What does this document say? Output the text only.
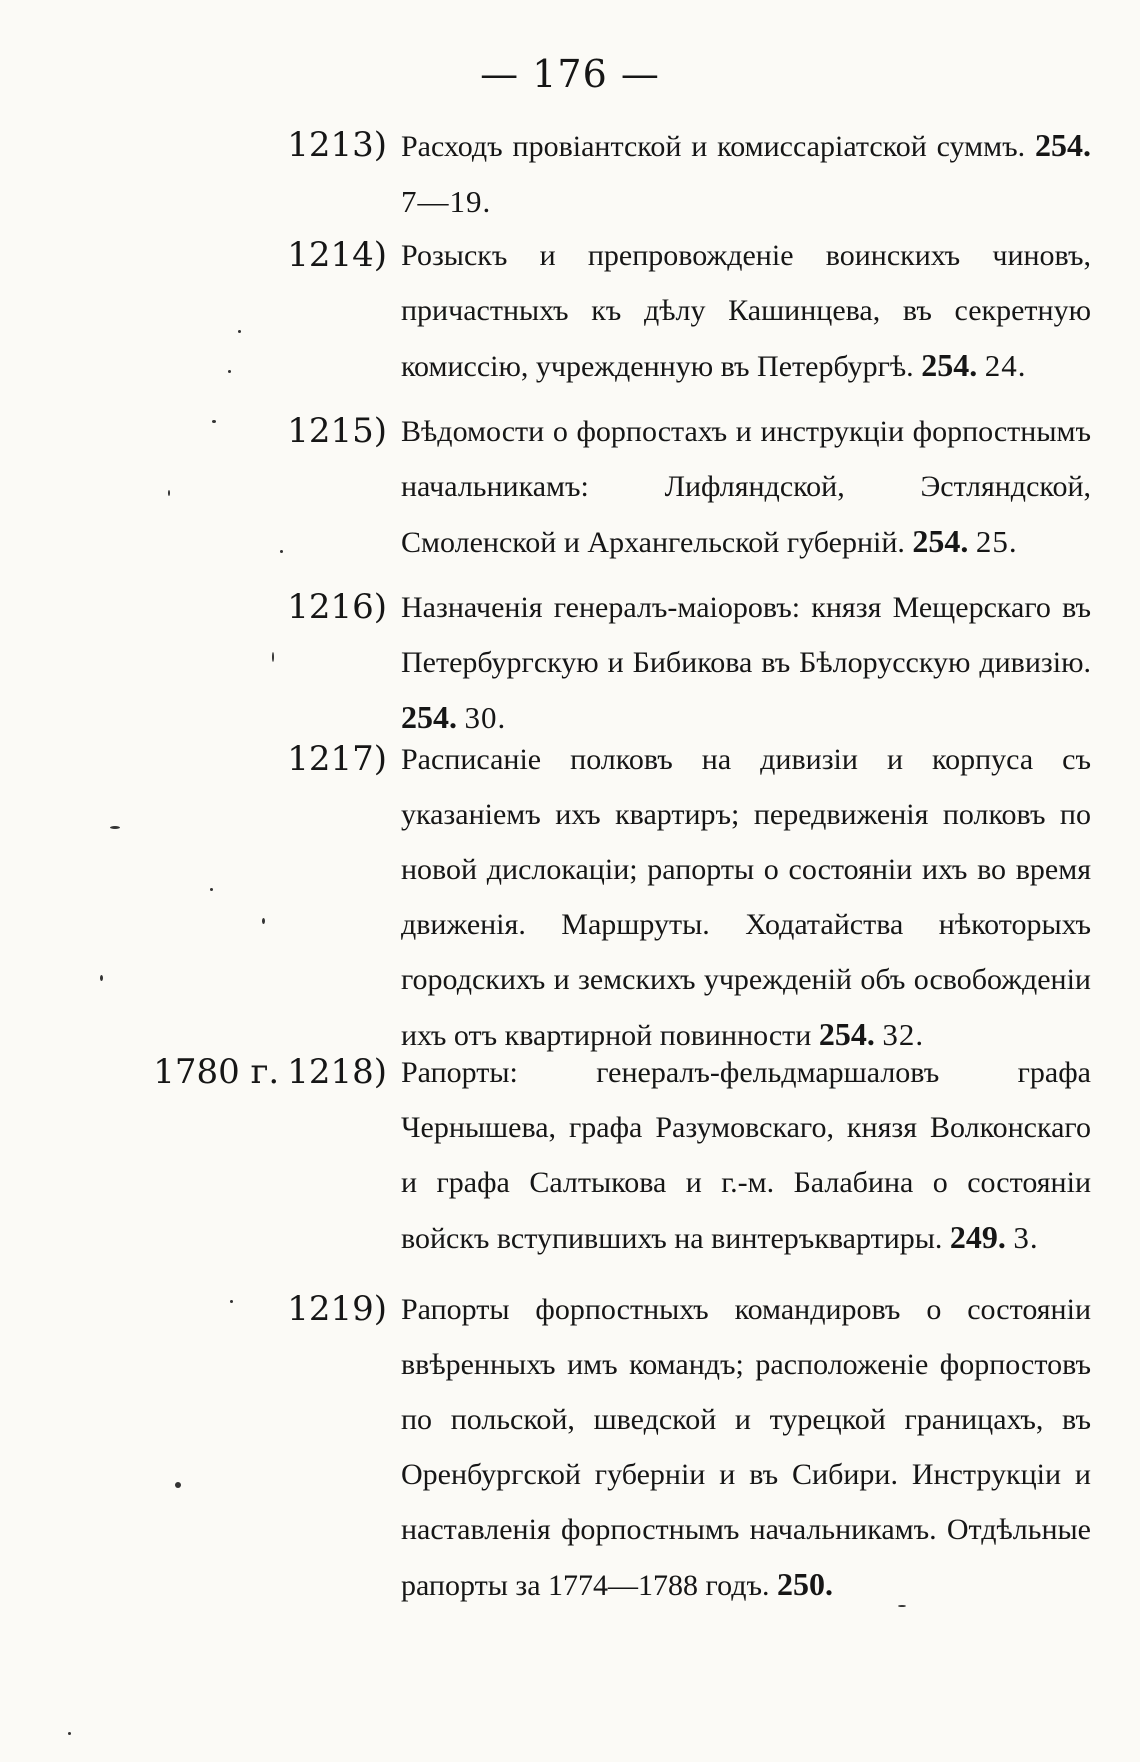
— 176 —
1213) Расходъ провіантской и комиссаріатской суммъ. 254. 7—19.
1214) Розыскъ и препровожденіе воинскихъ чиновъ, причастныхъ къ дѣлу Кашинцева, въ секретную комиссію, учрежденную въ Петербургѣ. 254. 24.
1215) Вѣдомости о форпостахъ и инструкціи форпостнымъ начальникамъ: Лифляндской, Эстляндской, Смоленской и Архангельской губерній. 254. 25.
1216) Назначенія генералъ-маіоровъ: князя Мещерскаго въ Петербургскую и Бибикова въ Бѣлорусскую дивизію. 254. 30.
1217) Расписаніе полковъ на дивизіи и корпуса съ указаніемъ ихъ квартиръ; передвиженія полковъ по новой дислокаціи; рапорты о состояніи ихъ во время движенія. Маршруты. Ходатайства нѣкоторыхъ городскихъ и земскихъ учрежденій объ освобожденіи ихъ отъ квартирной повинности 254. 32.
1780 г. 1218) Рапорты: генералъ-фельдмаршаловъ графа Чернышева, графа Разумовскаго, князя Волконскаго и графа Салтыкова и г.-м. Балабина о состояніи войскъ вступившихъ на винтеръквартиры. 249. 3.
1219) Рапорты форпостныхъ командировъ о состояніи ввѣренныхъ имъ командъ; расположеніе форпостовъ по польской, шведской и турецкой границахъ, въ Оренбургской губерніи и въ Сибири. Инструкціи и наставленія форпостнымъ начальникамъ. Отдѣльные рапорты за 1774—1788 годъ. 250.
